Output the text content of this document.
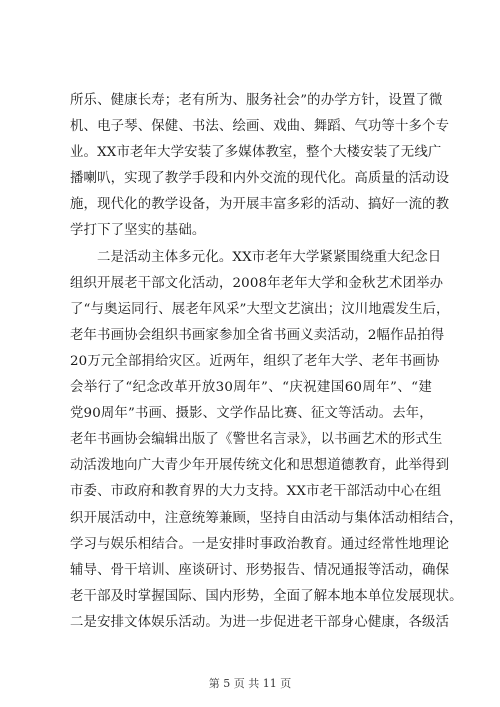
所乐、健康长寿；老有所为、服务社会”的办学方针，设置了微
机、电子琴、保健、书法、绘画、戏曲、舞蹈、气功等十多个专
业。XX市老年大学安装了多媒体教室，整个大楼安装了无线广
播喇叭，实现了教学手段和内外交流的现代化。高质量的活动设
施，现代化的教学设备，为开展丰富多彩的活动、搞好一流的教
学打下了坚实的基础。
二是活动主体多元化。XX市老年大学紧紧围绕重大纪念日
组织开展老干部文化活动，2008年老年大学和金秋艺术团举办
了“与奥运同行、展老年风采”大型文艺演出；汶川地震发生后，
老年书画协会组织书画家参加全省书画义卖活动，2幅作品拍得
20万元全部捐给灾区。近两年，组织了老年大学、老年书画协
会举行了“纪念改革开放30周年”、“庆祝建国60周年”、“建
党90周年”书画、摄影、文学作品比赛、征文等活动。去年，
老年书画协会编辑出版了《警世名言录》，以书画艺术的形式生
动活泼地向广大青少年开展传统文化和思想道德教育，此举得到
市委、市政府和教育界的大力支持。XX市老干部活动中心在组
织开展活动中，注意统筹兼顾，坚持自由活动与集体活动相结合，
学习与娱乐相结合。一是安排时事政治教育。通过经常性地理论
辅导、骨干培训、座谈研讨、形势报告、情况通报等活动，确保
老干部及时掌握国际、国内形势，全面了解本地本单位发展现状。
二是安排文体娱乐活动。为进一步促进老干部身心健康，各级活
第 5 页 共 11 页
